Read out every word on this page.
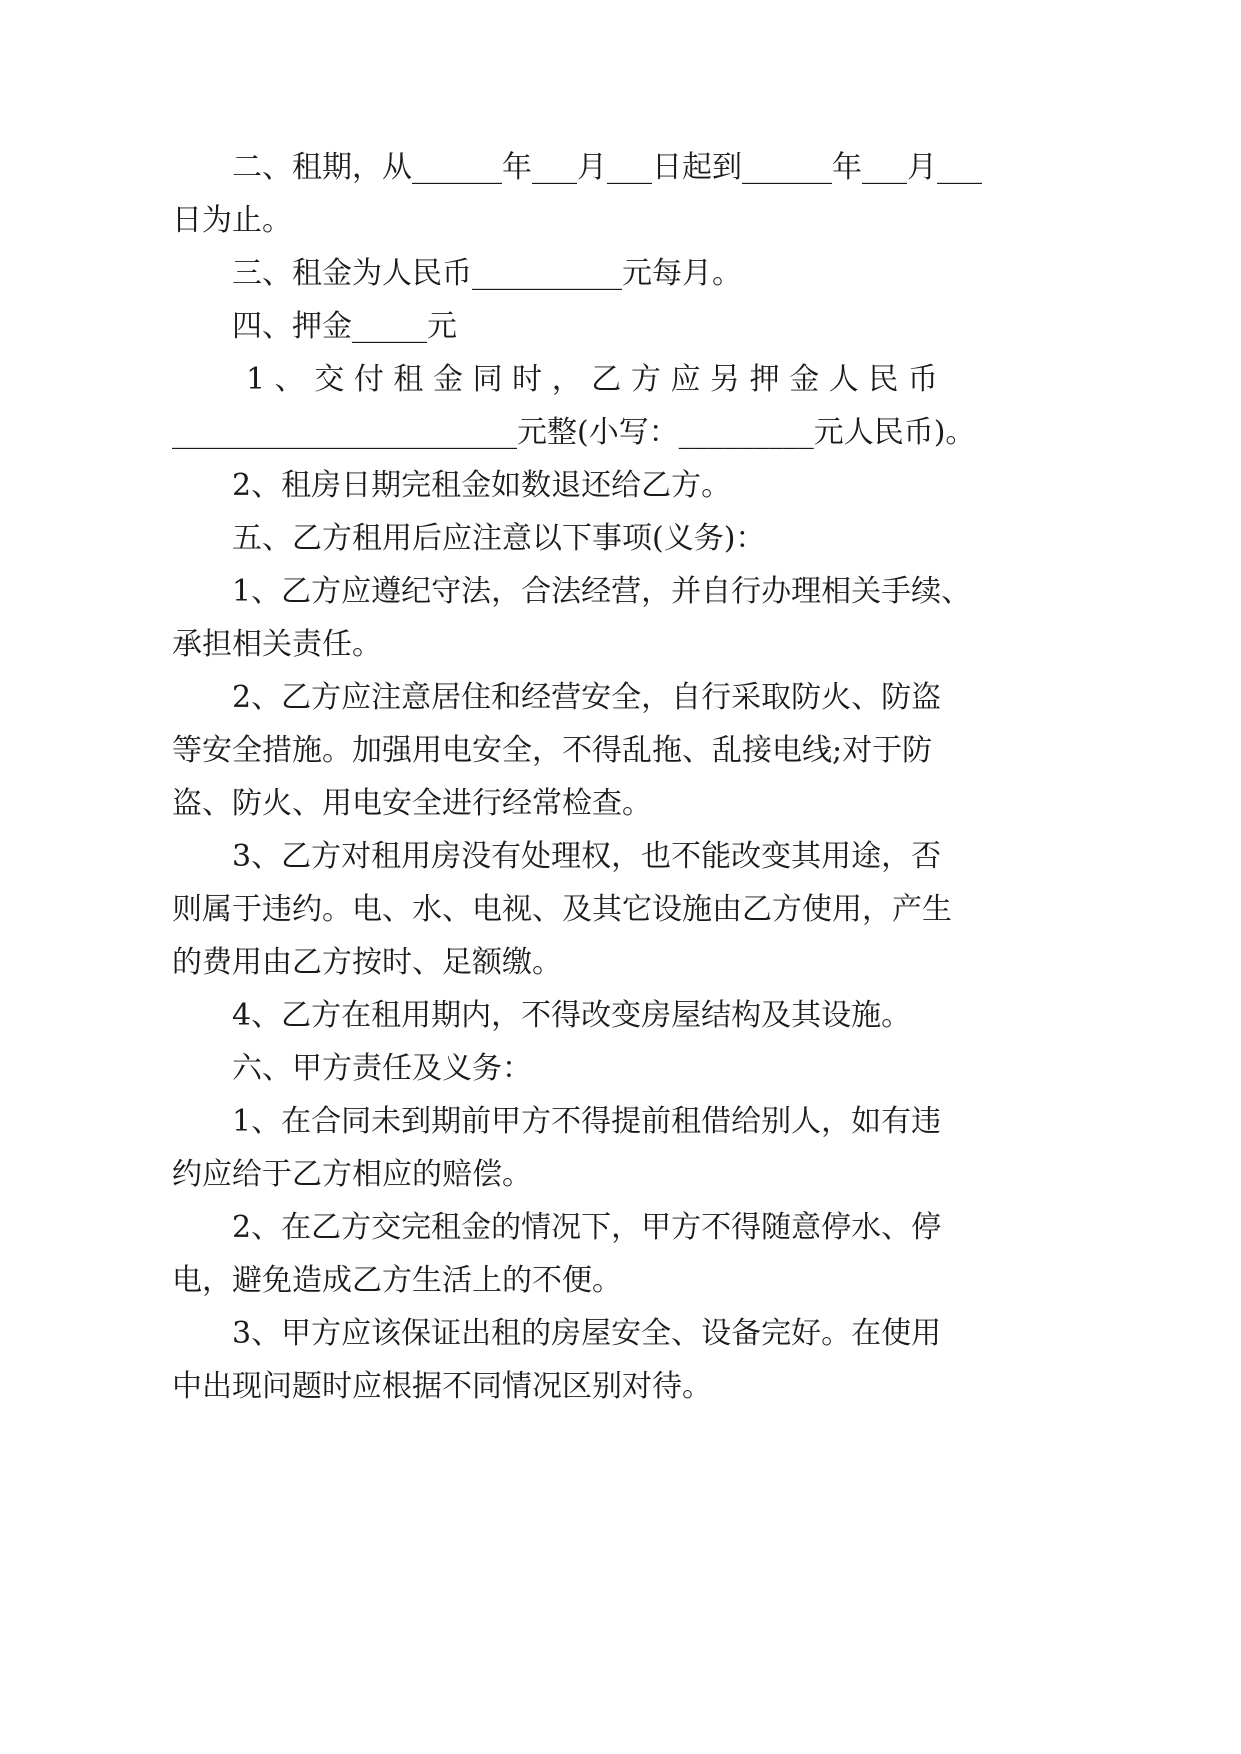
二、租期，从______年___月___日起到______年___月___
日为止。
三、租金为人民币__________元每月。
四、押金_____元
1 、 交 付 租 金 同 时 ， 乙 方 应 另 押 金 人 民 币
_______________________元整(小写：_________元人民币)。
2、租房日期完租金如数退还给乙方。
五、乙方租用后应注意以下事项(义务)：
1、乙方应遵纪守法，合法经营，并自行办理相关手续、
承担相关责任。
2、乙方应注意居住和经营安全，自行采取防火、防盗
等安全措施。加强用电安全，不得乱拖、乱接电线;对于防
盗、防火、用电安全进行经常检查。
3、乙方对租用房没有处理权，也不能改变其用途，否
则属于违约。电、水、电视、及其它设施由乙方使用，产生
的费用由乙方按时、足额缴。
4、乙方在租用期内，不得改变房屋结构及其设施。
六、甲方责任及义务：
1、在合同未到期前甲方不得提前租借给别人，如有违
约应给于乙方相应的赔偿。
2、在乙方交完租金的情况下，甲方不得随意停水、停
电，避免造成乙方生活上的不便。
3、甲方应该保证出租的房屋安全、设备完好。在使用
中出现问题时应根据不同情况区别对待。
